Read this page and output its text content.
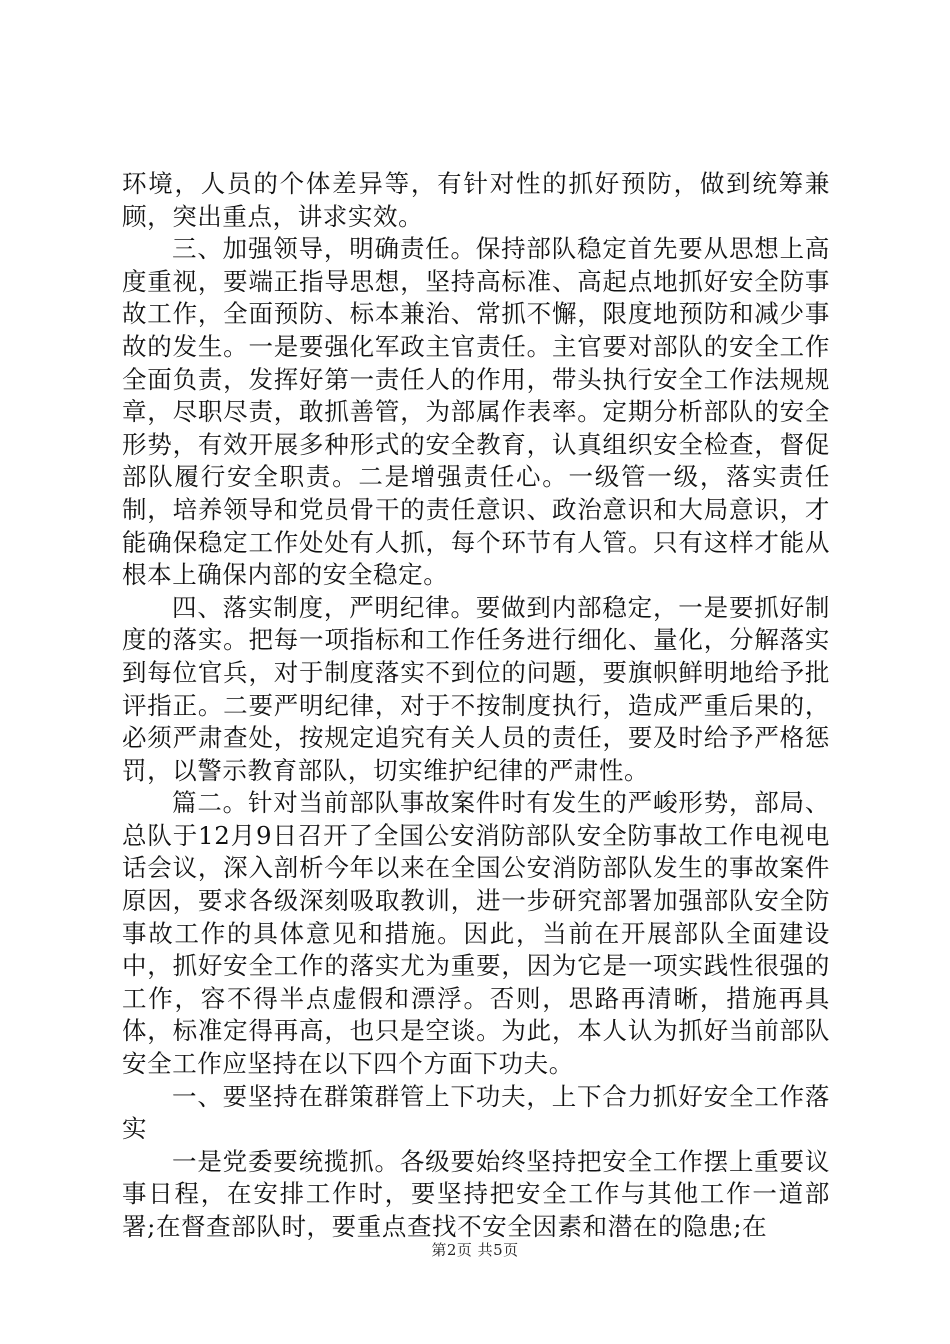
环境，人员的个体差异等，有针对性的抓好预防，做到统筹兼顾，突出重点，讲求实效。

三、加强领导，明确责任。保持部队稳定首先要从思想上高度重视，要端正指导思想，坚持高标准、高起点地抓好安全防事故工作，全面预防、标本兼治、常抓不懈，限度地预防和减少事故的发生。一是要强化军政主官责任。主官要对部队的安全工作全面负责，发挥好第一责任人的作用，带头执行安全工作法规规章，尽职尽责，敢抓善管，为部属作表率。定期分析部队的安全形势，有效开展多种形式的安全教育，认真组织安全检查，督促部队履行安全职责。二是增强责任心。一级管一级，落实责任制，培养领导和党员骨干的责任意识、政治意识和大局意识，才能确保稳定工作处处有人抓，每个环节有人管。只有这样才能从根本上确保内部的安全稳定。

四、落实制度，严明纪律。要做到内部稳定，一是要抓好制度的落实。把每一项指标和工作任务进行细化、量化，分解落实到每位官兵，对于制度落实不到位的问题，要旗帜鲜明地给予批评指正。二要严明纪律，对于不按制度执行，造成严重后果的，必须严肃查处，按规定追究有关人员的责任，要及时给予严格惩罚，以警示教育部队，切实维护纪律的严肃性。

篇二。针对当前部队事故案件时有发生的严峻形势，部局、总队于12月9日召开了全国公安消防部队安全防事故工作电视电话会议，深入剖析今年以来在全国公安消防部队发生的事故案件原因，要求各级深刻吸取教训，进一步研究部署加强部队安全防事故工作的具体意见和措施。因此，当前在开展部队全面建设中，抓好安全工作的落实尤为重要，因为它是一项实践性很强的工作，容不得半点虚假和漂浮。否则，思路再清晰，措施再具体，标准定得再高，也只是空谈。为此，本人认为抓好当前部队安全工作应坚持在以下四个方面下功夫。

一、要坚持在群策群管上下功夫，上下合力抓好安全工作落实

一是党委要统揽抓。各级要始终坚持把安全工作摆上重要议事日程，在安排工作时，要坚持把安全工作与其他工作一道部署;在督查部队时，要重点查找不安全因素和潜在的隐患;在

第2页 共5页
